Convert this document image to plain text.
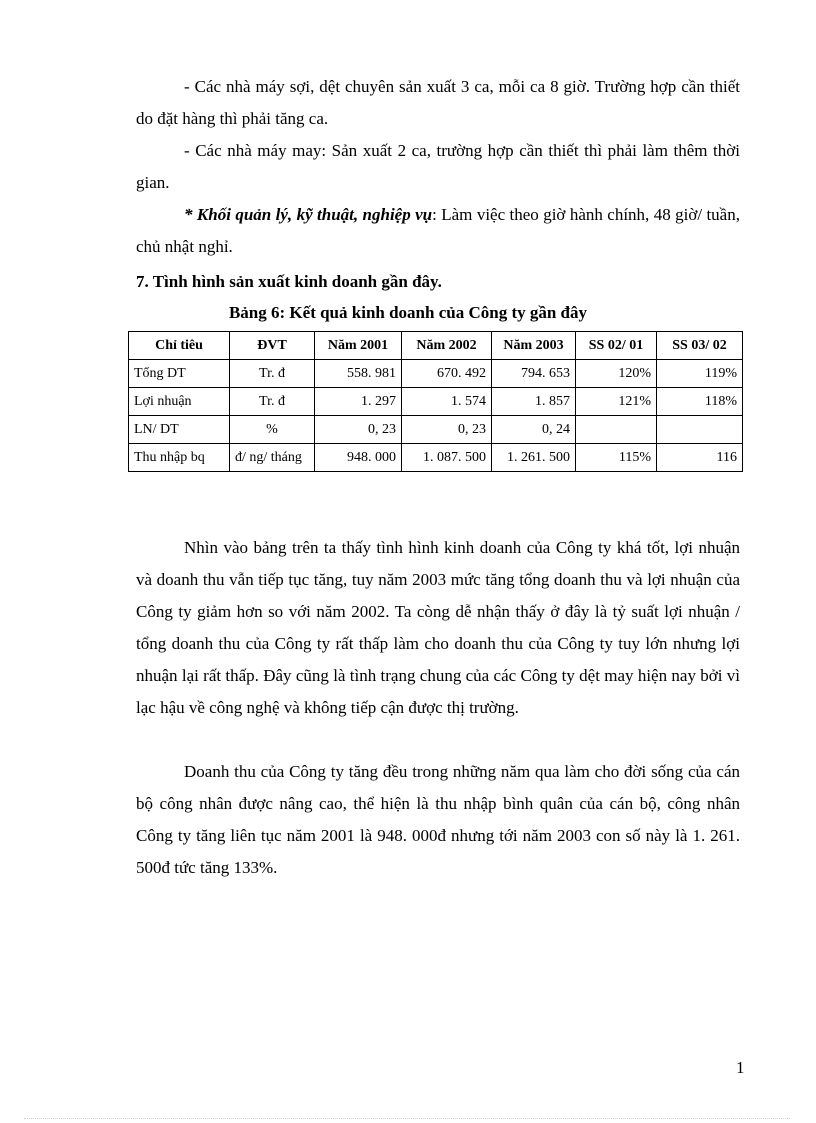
- Các nhà máy sợi, dệt chuyên sản xuất 3 ca, mỗi ca 8 giờ. Trường hợp cần thiết do đặt hàng thì phải tăng ca.

- Các nhà máy may: Sản xuất 2 ca, trường hợp cần thiết thì phải làm thêm thời gian.

* Khối quản lý, kỹ thuật, nghiệp vụ: Làm việc theo giờ hành chính, 48 giờ/ tuần, chủ nhật nghỉ.

7. Tình hình sản xuất kinh doanh gần đây.

Bảng 6: Kết quả kinh doanh của Công ty gần đây

Chỉ tiêu	ĐVT	Năm 2001	Năm 2002	Năm 2003	SS 02/ 01	SS 03/ 02
Tổng DT	Tr. đ	558. 981	670. 492	794. 653	120%	119%
Lợi nhuận	Tr. đ	1. 297	1. 574	1. 857	121%	118%
LN/ DT	%	0, 23	0, 23	0, 24		
Thu nhập bq	đ/ ng/ tháng	948. 000	1. 087. 500	1. 261. 500	115%	116

Nhìn vào bảng trên ta thấy tình hình kinh doanh của Công ty khá tốt, lợi nhuận và doanh thu vẫn tiếp tục tăng, tuy năm 2003 mức tăng tổng doanh thu và lợi nhuận của Công ty giảm hơn so với năm 2002. Ta còng dễ nhận thấy ở đây là tỷ suất lợi nhuận / tổng doanh thu của Công ty rất thấp làm cho doanh thu của Công ty tuy lớn nhưng lợi nhuận lại rất thấp. Đây cũng là tình trạng chung của các Công ty dệt may hiện nay bởi vì lạc hậu về công nghệ và không tiếp cận được thị trường.

Doanh thu của Công ty tăng đều trong những năm qua làm cho đời sống của cán bộ công nhân được nâng cao, thể hiện là thu nhập bình quân của cán bộ, công nhân Công ty tăng liên tục năm 2001 là 948. 000đ nhưng tới năm 2003 con số này là 1. 261. 500đ tức tăng 133%.

1
